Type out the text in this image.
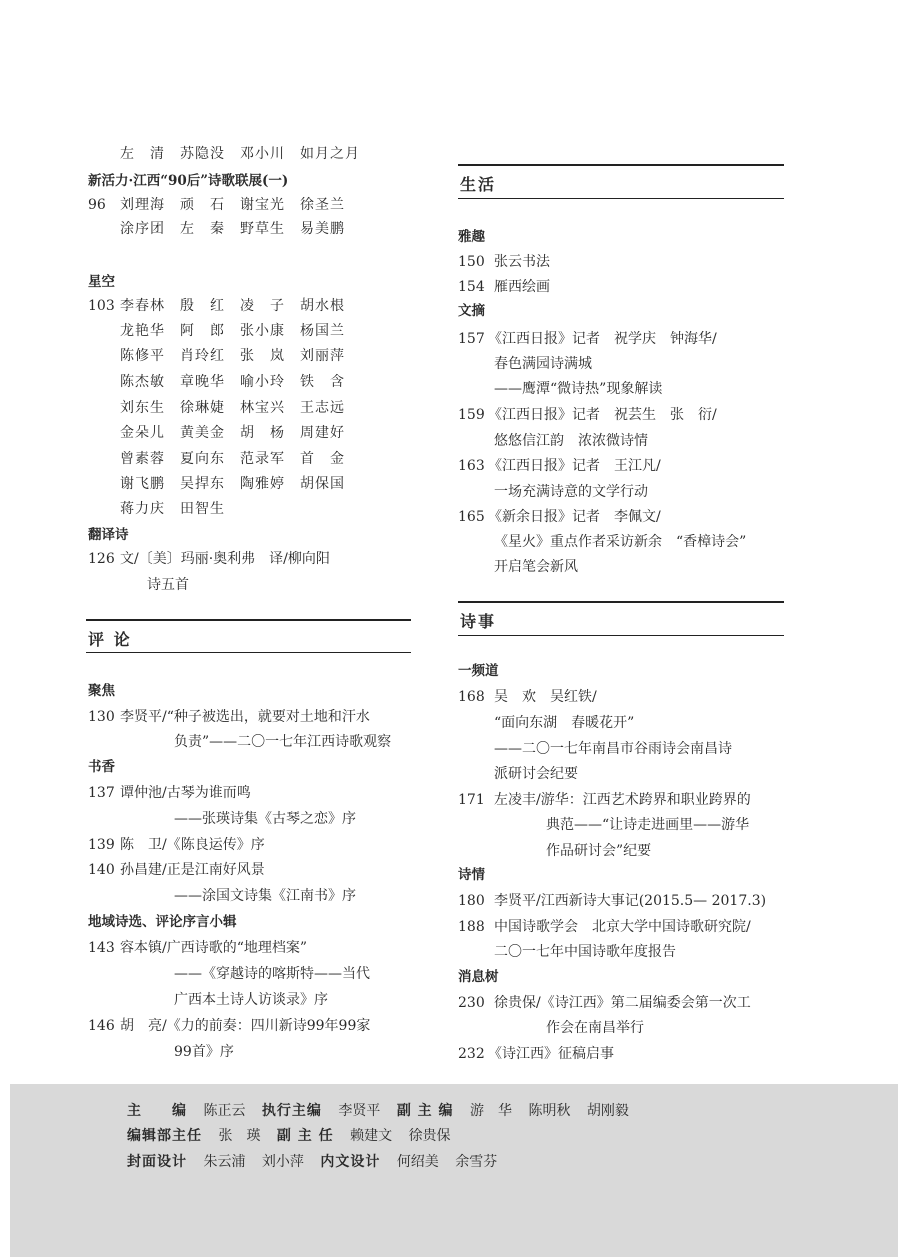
左　清　苏隐没　邓小川　如月之月
新活力·江西“90后”诗歌联展(一)
96 刘理海　顽　石　谢宝光　徐圣兰
涂序团　左　秦　野草生　易美鹏
星空
103 李春林　殷　红　凌　子　胡水根
龙艳华　阿　郎　张小康　杨国兰
陈修平　肖玲红　张　岚　刘丽萍
陈杰敏　章晚华　喻小玲　铁　含
刘东生　徐琳婕　林宝兴　王志远
金朵儿　黄美金　胡　杨　周建好
曾素蓉　夏向东　范录军　首　金
谢飞鹏　吴捍东　陶雅婷　胡保国
蒋力庆　田智生
翻译诗
126 文/〔美〕玛丽·奥利弗　译/柳向阳
诗五首
评 论
聚焦
130 李贤平/“种子被选出，就要对土地和汗水
负责”——二〇一七年江西诗歌观察
书香
137 谭仲池/古琴为谁而鸣
——张瑛诗集《古琴之恋》序
139 陈　卫/《陈良运传》序
140 孙昌建/正是江南好风景
——涂国文诗集《江南书》序
地域诗选、评论序言小辑
143 容本镇/广西诗歌的“地理档案”
——《穿越诗的喀斯特——当代
广西本土诗人访谈录》序
146 胡　亮/《力的前奏：四川新诗99年99家
99首》序
生活
雅趣
150 张云书法
154 雁西绘画
文摘
157 《江西日报》记者　祝学庆　钟海华/
春色满园诗满城
——鹰潭“微诗热”现象解读
159 《江西日报》记者　祝芸生　张　衍/
悠悠信江韵　浓浓微诗情
163 《江西日报》记者　王江凡/
一场充满诗意的文学行动
165 《新余日报》记者　李佩文/
《星火》重点作者采访新余　“香樟诗会”
开启笔会新风
诗事
一频道
168 吴　欢　吴红铁/
“面向东湖　春暖花开”
——二〇一七年南昌市谷雨诗会南昌诗
派研讨会纪要
171 左凌丰/游华：江西艺术跨界和职业跨界的
典范——“让诗走进画里——游华
作品研讨会”纪要
诗情
180 李贤平/江西新诗大事记(2015.5— 2017.3)
188 中国诗歌学会　北京大学中国诗歌研究院/
二〇一七年中国诗歌年度报告
消息树
230 徐贵保/《诗江西》第二届编委会第一次工
作会在南昌举行
232 《诗江西》征稿启事
主　　编 陈正云 执行主编 李贤平 副 主 编 游　华 陈明秋 胡刚毅
编辑部主任 张　瑛 副 主 任 赖建文 徐贵保
封面设计 朱云浦 刘小萍 内文设计 何绍美 余雪芬
